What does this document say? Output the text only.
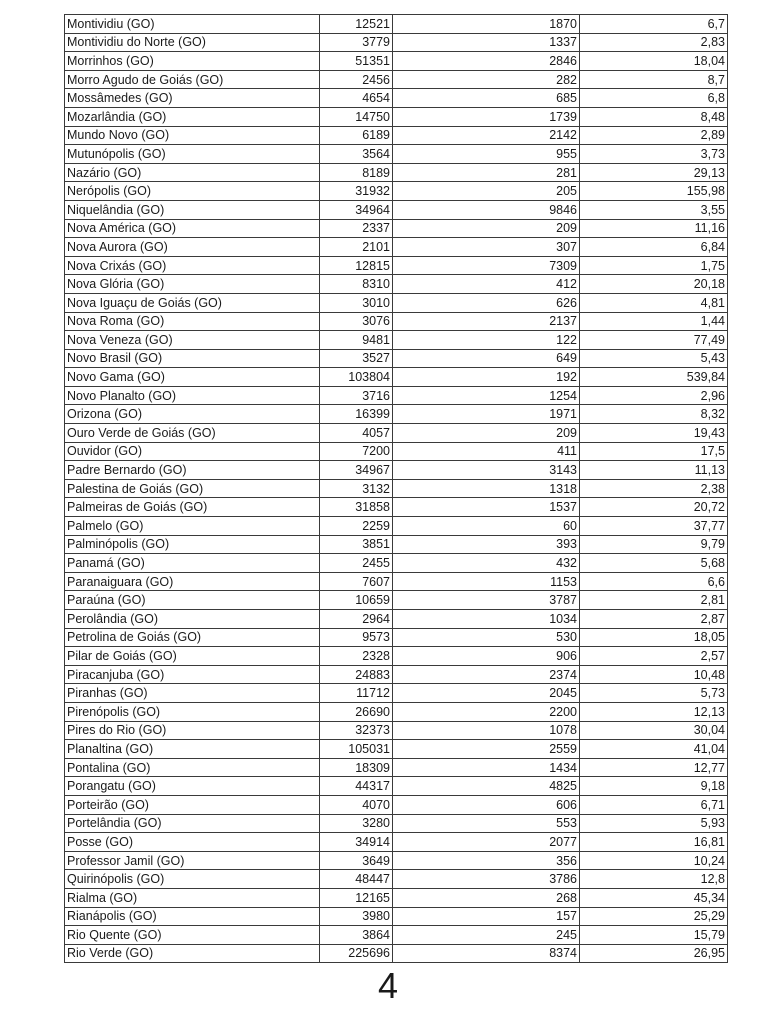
Montividiu (GO)	12521	1870	6,7
Montividiu do Norte (GO)	3779	1337	2,83
Morrinhos (GO)	51351	2846	18,04
Morro Agudo de Goiás (GO)	2456	282	8,7
Mossâmedes (GO)	4654	685	6,8
Mozarlândia (GO)	14750	1739	8,48
Mundo Novo (GO)	6189	2142	2,89
Mutunópolis (GO)	3564	955	3,73
Nazário (GO)	8189	281	29,13
Nerópolis (GO)	31932	205	155,98
Niquelândia (GO)	34964	9846	3,55
Nova América (GO)	2337	209	11,16
Nova Aurora (GO)	2101	307	6,84
Nova Crixás (GO)	12815	7309	1,75
Nova Glória (GO)	8310	412	20,18
Nova Iguaçu de Goiás (GO)	3010	626	4,81
Nova Roma (GO)	3076	2137	1,44
Nova Veneza (GO)	9481	122	77,49
Novo Brasil (GO)	3527	649	5,43
Novo Gama (GO)	103804	192	539,84
Novo Planalto (GO)	3716	1254	2,96
Orizona (GO)	16399	1971	8,32
Ouro Verde de Goiás (GO)	4057	209	19,43
Ouvidor (GO)	7200	411	17,5
Padre Bernardo (GO)	34967	3143	11,13
Palestina de Goiás (GO)	3132	1318	2,38
Palmeiras de Goiás (GO)	31858	1537	20,72
Palmelo (GO)	2259	60	37,77
Palminópolis (GO)	3851	393	9,79
Panamá (GO)	2455	432	5,68
Paranaiguara (GO)	7607	1153	6,6
Paraúna (GO)	10659	3787	2,81
Perolândia (GO)	2964	1034	2,87
Petrolina de Goiás (GO)	9573	530	18,05
Pilar de Goiás (GO)	2328	906	2,57
Piracanjuba (GO)	24883	2374	10,48
Piranhas (GO)	11712	2045	5,73
Pirenópolis (GO)	26690	2200	12,13
Pires do Rio (GO)	32373	1078	30,04
Planaltina (GO)	105031	2559	41,04
Pontalina (GO)	18309	1434	12,77
Porangatu (GO)	44317	4825	9,18
Porteirão (GO)	4070	606	6,71
Portelândia (GO)	3280	553	5,93
Posse (GO)	34914	2077	16,81
Professor Jamil (GO)	3649	356	10,24
Quirinópolis (GO)	48447	3786	12,8
Rialma (GO)	12165	268	45,34
Rianápolis (GO)	3980	157	25,29
Rio Quente (GO)	3864	245	15,79
Rio Verde (GO)	225696	8374	26,95
4
